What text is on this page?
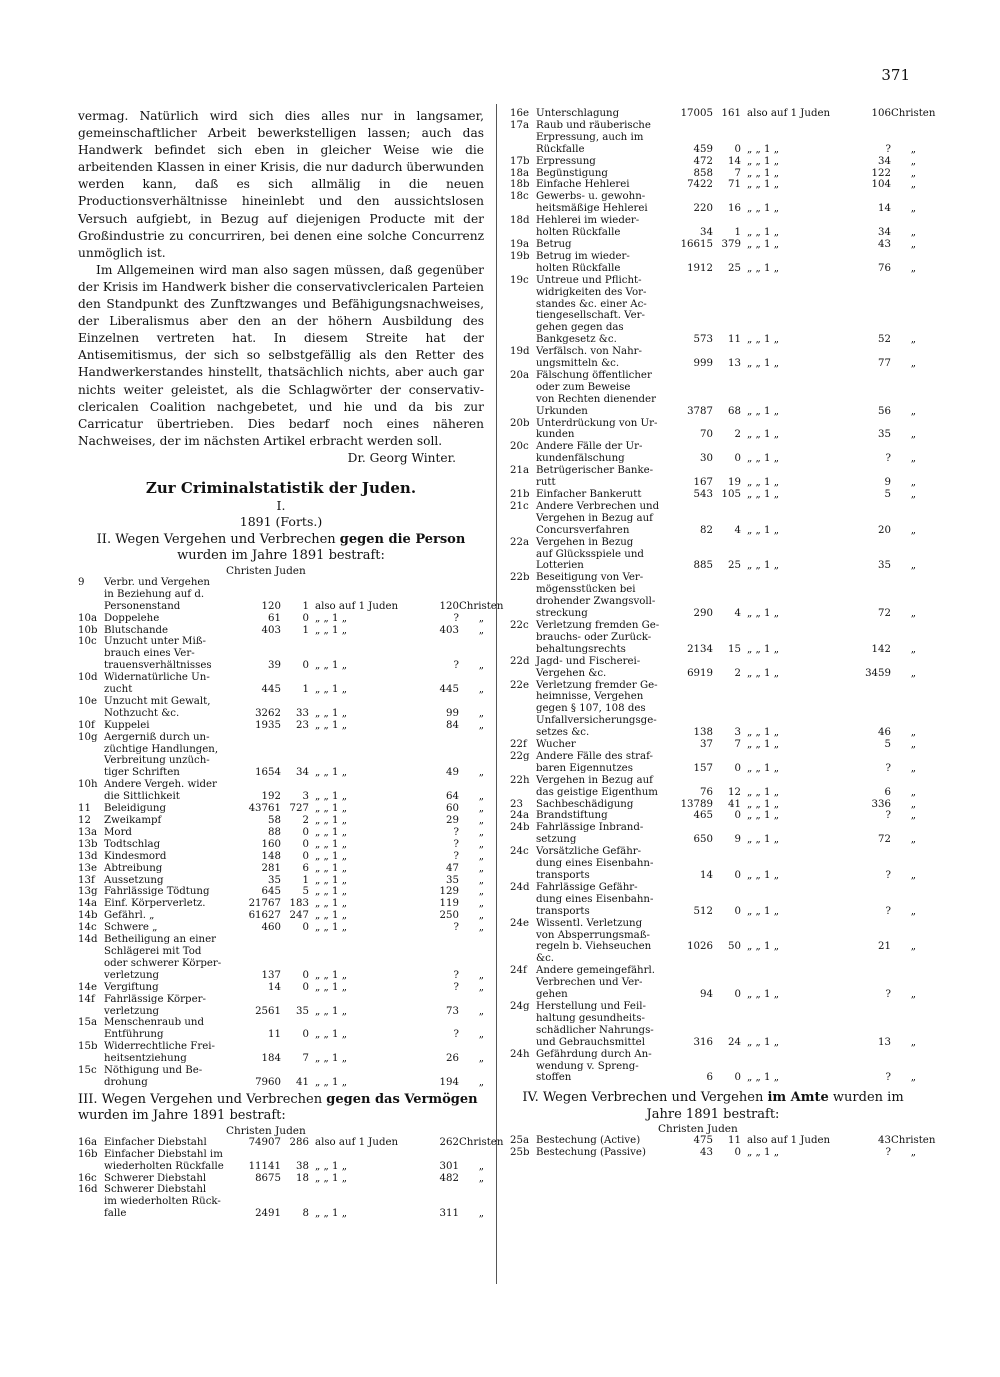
371

vermag. Natürlich wird sich dies alles nur in langsamer, gemeinschaftlicher Arbeit bewerkstelligen lassen; auch das Handwerk befindet sich eben in gleicher Weise wie die arbeitenden Klassen in einer Krisis, die nur dadurch überwunden werden kann, daß es sich allmälig in die neuen Productionsverhältnisse hineinlebt und den aussichtslosen Versuch aufgiebt, in Bezug auf diejenigen Producte mit der Großindustrie zu concurriren, bei denen eine solche Concurrenz unmöglich ist.

Im Allgemeinen wird man also sagen müssen, daß gegenüber der Krisis im Handwerk bisher die conservativclericalen Parteien den Standpunkt des Zunftzwanges und Befähigungsnachweises, der Liberalismus aber den an der höhern Ausbildung des Einzelnen vertreten hat. In diesem Streite hat der Antisemitismus, der sich so selbstgefällig als den Retter des Handwerkerstandes hinstellt, thatsächlich nichts, aber auch gar nichts weiter geleistet, als die Schlagwörter der conservativ-clericalen Coalition nachgebetet, und hie und da bis zur Carricatur übertrieben. Dies bedarf noch eines näheren Nachweises, der im nächsten Artikel erbracht werden soll.

Dr. Georg Winter.

Zur Criminalstatistik der Juden.
I.
1891 (Forts.)
II. Wegen Vergehen und Verbrechen gegen die Person
wurden im Jahre 1891 bestraft:
Christen Juden
9	Verbr. und Vergehen
in Beziehung auf d.
Personenstand	120	1 also auf 1 Juden	120 Christen
10a Doppelehe	61	0 „ „ 1 „	?	„
10b Blutschande	403	1 „ „ 1 „	403	„
10c Unzucht unter Miß-
brauch eines Ver-
trauensverhältnisses	39	0 „ „ 1 „	?	„
10d Widernatürliche Un-
zucht	445	1 „ „ 1 „	445	„
10e Unzucht mit Gewalt,
Nothzucht &c.	3262	33 „ „ 1 „	99	„
10f Kuppelei	1935	23 „ „ 1 „	84	„
10g Aergerniß durch un-
züchtige Handlungen,
Verbreitung unzüch-
tiger Schriften	1654	34 „ „ 1 „	49	„
10h Andere Vergeh. wider
die Sittlichkeit	192	3 „ „ 1 „	64	„
11	Beleidigung	43761 727 „ „ 1 „	60	„
12	Zweikampf	58	2 „ „ 1 „	29	„
13a Mord	88	0 „ „ 1 „	?	„
13b Todtschlag	160	0 „ „ 1 „	?	„
13d Kindesmord	148	0 „ „ 1 „	?	„
13e Abtreibung	281	6 „ „ 1 „	47	„
13f Aussetzung	35	1 „ „ 1 „	35	„
13g Fahrlässige Tödtung	645	5 „ „ 1 „	129	„
14a Einf. Körperverletz.	21767 183 „ „ 1 „	119	„
14b Gefährl. „	61627 247 „ „ 1 „	250	„
14c Schwere „	460	0 „ „ 1 „	?	„
14d Betheiligung an einer
Schlägerei mit Tod
oder schwerer Körper-
verletzung	137	0 „ „ 1 „	?	„
14e Vergiftung	14	0 „ „ 1 „	?	„
14f Fahrlässige Körper-
verletzung	2561	35 „ „ 1 „	73	„
15a Menschenraub und
Entführung	11	0 „ „ 1 „	?	„
15b Widerrechtliche Frei-
heitsentziehung	184	7 „ „ 1 „	26	„
15c Nöthigung und Be-
drohung	7960	41 „ „ 1 „	194	„
III. Wegen Vergehen und Verbrechen gegen das Vermögen wurden im Jahre 1891 bestraft:
Christen Juden
16a Einfacher Diebstahl	74907 286 also auf 1 Juden	262 Christen
16b Einfacher Diebstahl im
wiederholten Rückfalle	11141	38 „ „ 1 „	301	„
16c Schwerer Diebstahl	8675	18 „ „ 1 „	482	„
16d Schwerer Diebstahl
im wiederholten Rück-
falle	2491	8 „ „ 1 „	311	„
16e Unterschlagung	17005 161 also auf 1 Juden	106 Christen
17a Raub und räuberische
Erpressung, auch im
Rückfalle	459	0 „ „ 1 „	?	„
17b Erpressung	472	14 „ „ 1 „	34	„
18a Begünstigung	858	7 „ „ 1 „	122	„
18b Einfache Hehlerei	7422	71 „ „ 1 „	104	„
18c Gewerbs- u. gewohn-
heitsmäßige Hehlerei	220	16 „ „ 1 „	14	„
18d Hehlerei im wieder-
holten Rückfalle	34	1 „ „ 1 „	34	„
19a Betrug	16615 379 „ „ 1 „	43	„
19b Betrug im wieder-
holten Rückfalle	1912	25 „ „ 1 „	76	„
19c Untreue und Pflicht-
widrigkeiten des Vor-
standes &c. einer Ac-
tiengesellschaft. Ver-
gehen gegen das
Bankgesetz &c.	573	11 „ „ 1 „	52	„
19d Verfälsch. von Nahr-
ungsmitteln &c.	999	13 „ „ 1 „	77	„
20a Fälschung öffentlicher
oder zum Beweise
von Rechten dienender
Urkunden	3787	68 „ „ 1 „	56	„
20b Unterdrückung von Ur-
kunden	70	2 „ „ 1 „	35	„
20c Andere Fälle der Ur-
kundenfälschung	30	0 „ „ 1 „	?	„
21a Betrügerischer Banke-
rutt	167	19 „ „ 1 „	9	„
21b Einfacher Bankerutt	543 105 „ „ 1 „	5	„
21c Andere Verbrechen und
Vergehen in Bezug auf
Concursverfahren	82	4 „ „ 1 „	20	„
22a Vergehen in Bezug
auf Glücksspiele und
Lotterien	885	25 „ „ 1 „	35	„
22b Beseitigung von Ver-
mögensstücken bei
drohender Zwangsvoll-
streckung	290	4 „ „ 1 „	72	„
22c Verletzung fremden Ge-
brauchs- oder Zurück-
behaltungsrechts	2134	15 „ „ 1 „	142	„
22d Jagd- und Fischerei-
Vergehen &c.	6919	2 „ „ 1 „	3459	„
22e Verletzung fremder Ge-
heimnisse, Vergehen
gegen § 107, 108 des
Unfallversicherungsge-
setzes &c.	138	3 „ „ 1 „	46	„
22f Wucher	37	7 „ „ 1 „	5	„
22g Andere Fälle des straf-
baren Eigennutzes	157	0 „ „ 1 „	?	„
22h Vergehen in Bezug auf
das geistige Eigenthum	76	12 „ „ 1 „	6	„
23	Sachbeschädigung	13789	41 „ „ 1 „	336	„
24a Brandstiftung	465	0 „ „ 1 „	?	„
24b Fahrlässige Inbrand-
setzung	650	9 „ „ 1 „	72	„
24c Vorsätzliche Gefähr-
dung eines Eisenbahn-
transports	14	0 „ „ 1 „	?	„
24d Fahrlässige Gefähr-
dung eines Eisenbahn-
transports	512	0 „ „ 1 „	?	„
24e Wissentl. Verletzung
von Absperrungsmaß-
regeln b. Viehseuchen &c.
1026	50 „ „ 1 „	21	„
24f Andere gemeingefährl.
Verbrechen und Ver-
gehen	94	0 „ „ 1 „	?	„
24g Herstellung und Feil-
haltung gesundheits-
schädlicher Nahrungs-
und Gebrauchsmittel	316	24 „ „ 1 „	13	„
24h Gefährdung durch An-
wendung v. Spreng-
stoffen	6	0 „ „ 1 „	?	„
IV. Wegen Verbrechen und Vergehen im Amte wurden im Jahre 1891 bestraft:
Christen Juden
25a Bestechung (Active)	475	11 also auf 1 Juden	43 Christen
25b Bestechung (Passive)	43	0 „ „ 1 „	?	„
